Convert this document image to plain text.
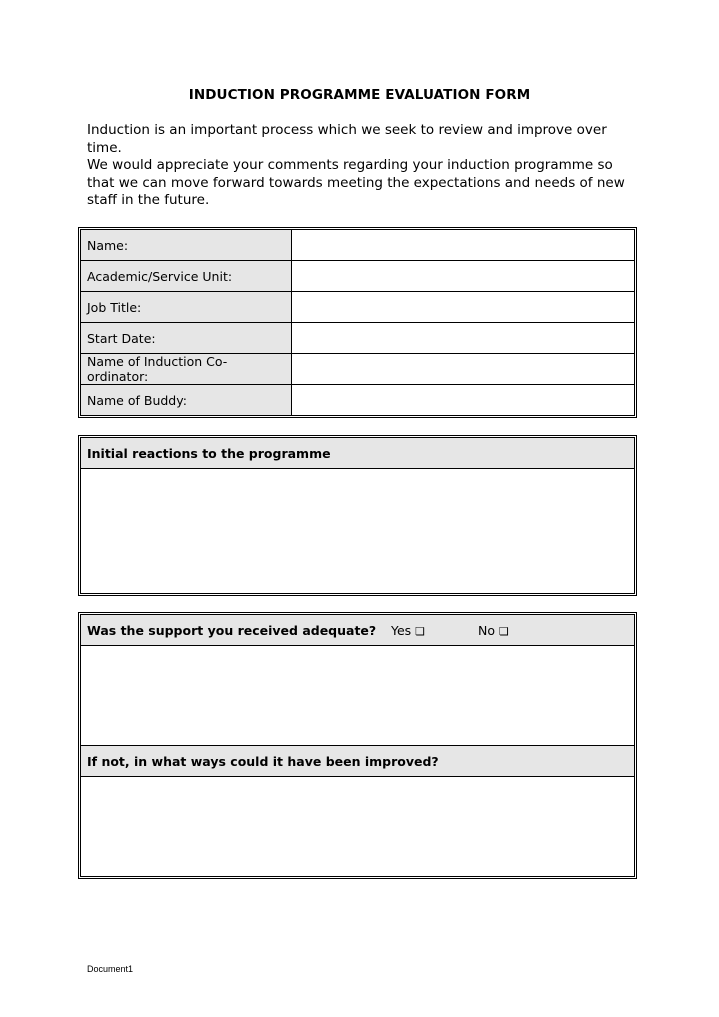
INDUCTION PROGRAMME EVALUATION FORM
Induction is an important process which we seek to review and improve over time.
We would appreciate your comments regarding your induction programme so that we can move forward towards meeting the expectations and needs of new staff in the future.
Name:	
Academic/Service Unit:	
Job Title:	
Start Date:	
Name of Induction Co-ordinator:	
Name of Buddy:	
Initial reactions to the programme

Was the support you received adequate? Yes ❏	No ❏

If not, in what ways could it have been improved?

Document1
